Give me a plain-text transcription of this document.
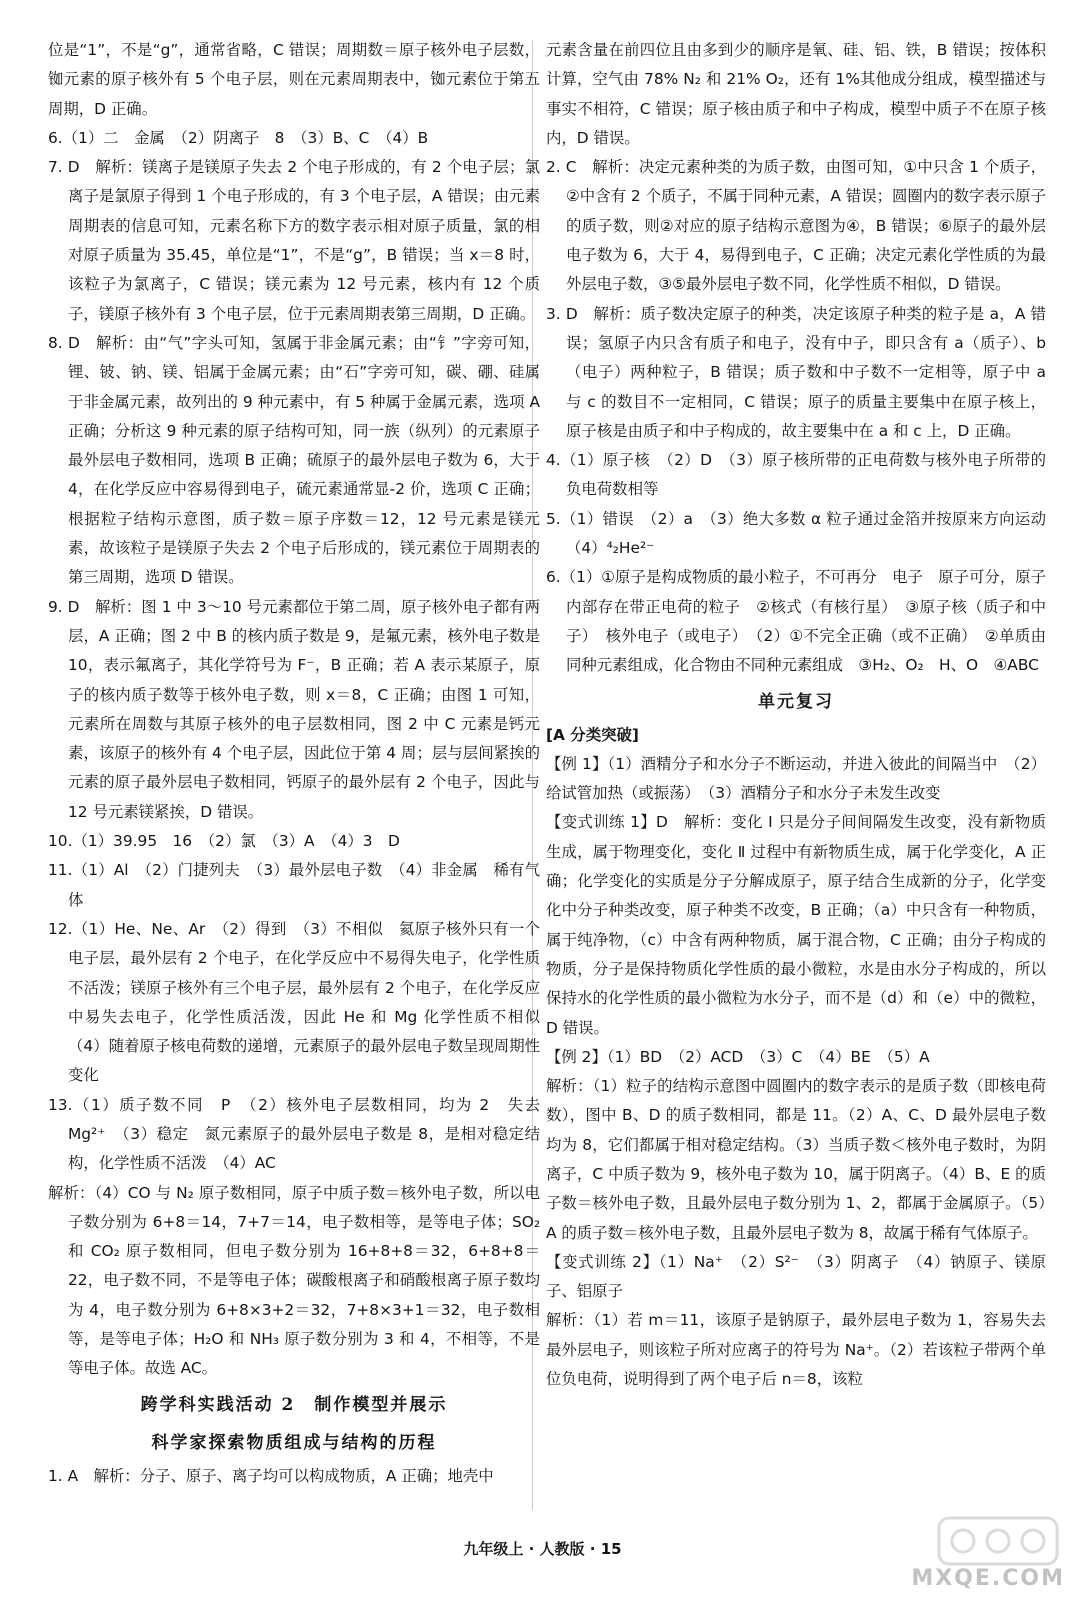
位是“1”，不是“g”，通常省略，C 错误；周期数＝原子核外电子层数，铷元素的原子核外有 5 个电子层，则在元素周期表中，铷元素位于第五周期，D 正确。

6.（1）二　金属　（2）阴离子　8　（3）B、C　（4）B

7. D　解析：镁离子是镁原子失去 2 个电子形成的，有 2 个电子层；氯离子是氯原子得到 1 个电子形成的，有 3 个电子层，A 错误；由元素周期表的信息可知，元素名称下方的数字表示相对原子质量，氯的相对原子质量为 35.45，单位是“1”，不是“g”，B 错误；当 x＝8 时，该粒子为氯离子，C 错误；镁元素为 12 号元素，核内有 12 个质子，镁原子核外有 3 个电子层，位于元素周期表第三周期，D 正确。

8. D　解析：由“气”字头可知，氢属于非金属元素；由“钅”字旁可知，锂、铍、钠、镁、铝属于金属元素；由“石”字旁可知，碳、硼、硅属于非金属元素，故列出的 9 种元素中，有 5 种属于金属元素，选项 A 正确；分析这 9 种元素的原子结构可知，同一族（纵列）的元素原子最外层电子数相同，选项 B 正确；硫原子的最外层电子数为 6，大于 4，在化学反应中容易得到电子，硫元素通常显-2 价，选项 C 正确；根据粒子结构示意图，质子数＝原子序数＝12，12 号元素是镁元素，故该粒子是镁原子失去 2 个电子后形成的，镁元素位于周期表的第三周期，选项 D 错误。

9. D　解析：图 1 中 3～10 号元素都位于第二周，原子核外电子都有两层，A 正确；图 2 中 B 的核内质子数是 9，是氟元素，核外电子数是 10，表示氟离子，其化学符号为 F⁻，B 正确；若 A 表示某原子，原子的核内质子数等于核外电子数，则 x＝8，C 正确；由图 1 可知，元素所在周数与其原子核外的电子层数相同，图 2 中 C 元素是钙元素，该原子的核外有 4 个电子层，因此位于第 4 周；层与层间紧挨的元素的原子最外层电子数相同，钙原子的最外层有 2 个电子，因此与 12 号元素镁紧挨，D 错误。

10.（1）39.95　16　（2）氯　（3）A　（4）3　D

11.（1）Al　（2）门捷列夫　（3）最外层电子数　（4）非金属　稀有气体

12.（1）He、Ne、Ar　（2）得到　（3）不相似　氦原子核外只有一个电子层，最外层有 2 个电子，在化学反应中不易得失电子，化学性质不活泼；镁原子核外有三个电子层，最外层有 2 个电子，在化学反应中易失去电子，化学性质活泼，因此 He 和 Mg 化学性质不相似　（4）随着原子核电荷数的递增，元素原子的最外层电子数呈现周期性变化

13.（1）质子数不同　P　（2）核外电子层数相同，均为 2　失去　Mg²⁺　（3）稳定　氮元素原子的最外层电子数是 8，是相对稳定结构，化学性质不活泼　（4）AC

解析：（4）CO 与 N₂ 原子数相同，原子中质子数＝核外电子数，所以电子数分别为 6+8＝14，7+7＝14，电子数相等，是等电子体；SO₂ 和 CO₂ 原子数相同，但电子数分别为 16+8+8＝32，6+8+8＝22，电子数不同，不是等电子体；碳酸根离子和硝酸根离子原子数均为 4，电子数分别为 6+8×3+2＝32，7+8×3+1＝32，电子数相等，是等电子体；H₂O 和 NH₃ 原子数分别为 3 和 4，不相等，不是等电子体。故选 AC。

跨学科实践活动 2　制作模型并展示
科学家探索物质组成与结构的历程

1. A　解析：分子、原子、离子均可以构成物质，A 正确；地壳中

元素含量在前四位且由多到少的顺序是氧、硅、铝、铁，B 错误；按体积计算，空气由 78% N₂ 和 21% O₂，还有 1%其他成分组成，模型描述与事实不相符，C 错误；原子核由质子和中子构成，模型中质子不在原子核内，D 错误。

2. C　解析：决定元素种类的为质子数，由图可知，①中只含 1 个质子，②中含有 2 个质子，不属于同种元素，A 错误；圆圈内的数字表示原子的质子数，则②对应的原子结构示意图为④，B 错误；⑥原子的最外层电子数为 6，大于 4，易得到电子，C 正确；决定元素化学性质的为最外层电子数，③⑤最外层电子数不同，化学性质不相似，D 错误。

3. D　解析：质子数决定原子的种类，决定该原子种类的粒子是 a，A 错误；氢原子内只含有质子和电子，没有中子，即只含有 a（质子）、b（电子）两种粒子，B 错误；质子数和中子数不一定相等，原子中 a 与 c 的数目不一定相同，C 错误；原子的质量主要集中在原子核上，原子核是由质子和中子构成的，故主要集中在 a 和 c 上，D 正确。

4.（1）原子核　（2）D　（3）原子核所带的正电荷数与核外电子所带的负电荷数相等

5.（1）错误　（2）a　（3）绝大多数 α 粒子通过金箔并按原来方向运动　（4）⁴₂He²⁻

6.（1）①原子是构成物质的最小粒子，不可再分　电子　原子可分，原子内部存在带正电荷的粒子　②核式（有核行星）　③原子核（质子和中子）　核外电子（或电子）　（2）①不完全正确（或不正确）　②单质由同种元素组成，化合物由不同种元素组成　③H₂、O₂　H、O　④ABC

单元复习

[A 分类突破]

【例 1】（1）酒精分子和水分子不断运动，并进入彼此的间隔当中　（2）给试管加热（或振荡）　（3）酒精分子和水分子未发生改变

【变式训练 1】D　解析：变化 Ⅰ 只是分子间间隔发生改变，没有新物质生成，属于物理变化，变化 Ⅱ 过程中有新物质生成，属于化学变化，A 正确；化学变化的实质是分子分解成原子，原子结合生成新的分子，化学变化中分子种类改变，原子种类不改变，B 正确；（a）中只含有一种物质，属于纯净物，（c）中含有两种物质，属于混合物，C 正确；由分子构成的物质，分子是保持物质化学性质的最小微粒，水是由水分子构成的，所以保持水的化学性质的最小微粒为水分子，而不是（d）和（e）中的微粒，D 错误。

【例 2】（1）BD　（2）ACD　（3）C　（4）BE　（5）A

解析：（1）粒子的结构示意图中圆圈内的数字表示的是质子数（即核电荷数），图中 B、D 的质子数相同，都是 11。（2）A、C、D 最外层电子数均为 8，它们都属于相对稳定结构。（3）当质子数＜核外电子数时，为阴离子，C 中质子数为 9，核外电子数为 10，属于阴离子。（4）B、E 的质子数＝核外电子数，且最外层电子数分别为 1、2，都属于金属原子。（5）A 的质子数＝核外电子数，且最外层电子数为 8，故属于稀有气体原子。

【变式训练 2】（1）Na⁺　（2）S²⁻　（3）阴离子　（4）钠原子、镁原子、铝原子

解析：（1）若 m＝11，该原子是钠原子，最外层电子数为 1，容易失去最外层电子，则该粒子所对应离子的符号为 Na⁺。（2）若该粒子带两个单位负电荷，说明得到了两个电子后 n＝8，该粒

九年级上 · 人教版 · 15
MXQE.COM
